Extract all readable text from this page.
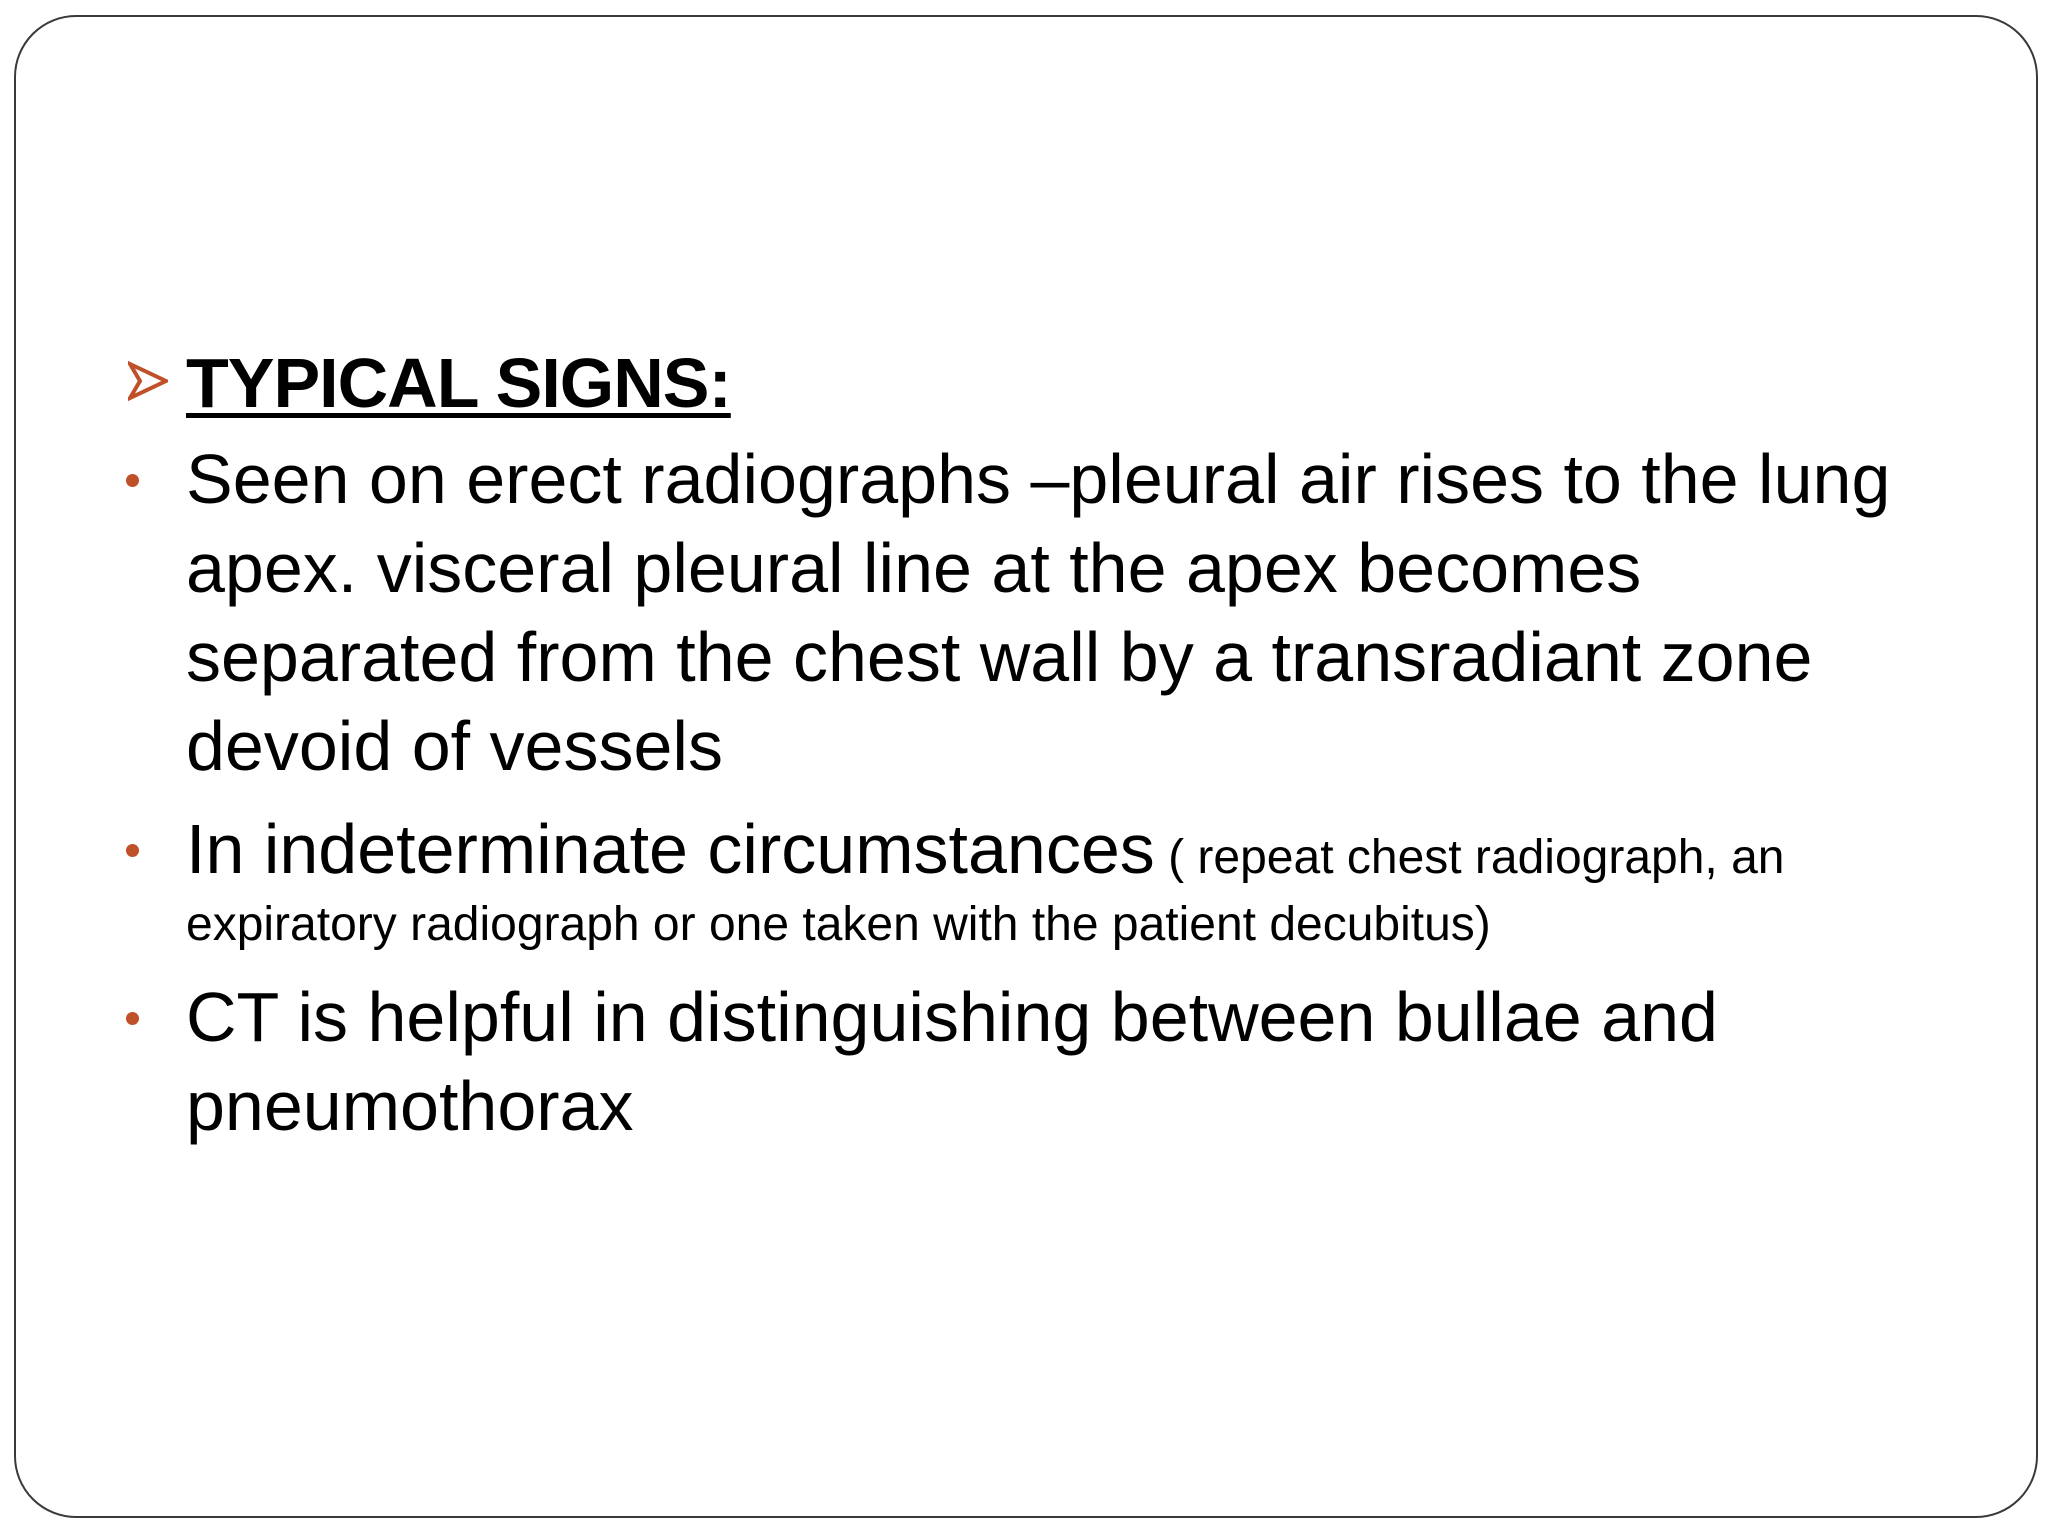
TYPICAL SIGNS:
Seen on erect radiographs –pleural air rises to the lung apex. visceral pleural line at the apex becomes separated from the chest wall by a transradiant zone devoid of vessels
In indeterminate circumstances ( repeat chest radiograph, an expiratory radiograph or one taken with the patient decubitus)
CT is helpful in distinguishing between bullae and pneumothorax
